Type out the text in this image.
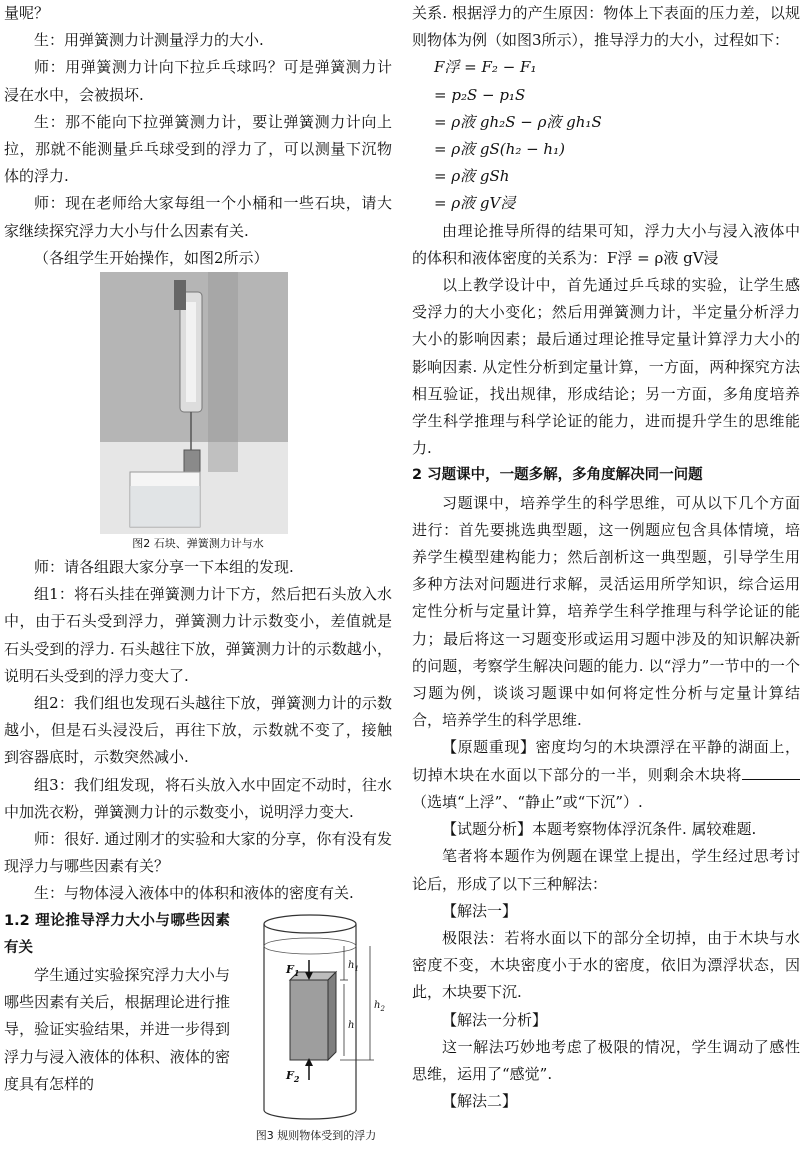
量呢？

生：用弹簧测力计测量浮力的大小.

师：用弹簧测力计向下拉乒乓球吗？可是弹簧测力计浸在水中，会被损坏.

生：那不能向下拉弹簧测力计，要让弹簧测力计向上拉，那就不能测量乒乓球受到的浮力了，可以测量下沉物体的浮力.

师：现在老师给大家每组一个小桶和一些石块，请大家继续探究浮力大小与什么因素有关.

（各组学生开始操作，如图2所示）

图2 石块、弹簧测力计与水

师：请各组跟大家分享一下本组的发现.

组1：将石头挂在弹簧测力计下方，然后把石头放入水中，由于石头受到浮力，弹簧测力计示数变小，差值就是石头受到的浮力. 石头越往下放，弹簧测力计的示数越小，说明石头受到的浮力变大了.

组2：我们组也发现石头越往下放，弹簧测力计的示数越小，但是石头浸没后，再往下放，示数就不变了，接触到容器底时，示数突然减小.

组3：我们组发现，将石头放入水中固定不动时，往水中加洗衣粉，弹簧测力计的示数变小，说明浮力变大.

师：很好. 通过刚才的实验和大家的分享，你有没有发现浮力与哪些因素有关？

生：与物体浸入液体中的体积和液体的密度有关.

1.2 理论推导浮力大小与哪些因素有关

学生通过实验探究浮力大小与哪些因素有关后，根据理论进行推导，验证实验结果，并进一步得到浮力与浸入液体的体积、液体的密度具有怎样的

$F_1$
$F_2$
$h_1$
$h_2$
h
图3 规则物体受到的浮力

关系. 根据浮力的产生原因：物体上下表面的压力差，以规则物体为例（如图3所示），推导浮力的大小，过程如下：

F浮 = F₂ − F₁
= p₂S − p₁S
= ρ液 gh₂S − ρ液 gh₁S
= ρ液 gS(h₂ − h₁)
= ρ液 gSh
= ρ液 gV浸

由理论推导所得的结果可知，浮力大小与浸入液体中的体积和液体密度的关系为：F浮 = ρ液 gV浸

以上教学设计中，首先通过乒乓球的实验，让学生感受浮力的大小变化；然后用弹簧测力计，半定量分析浮力大小的影响因素；最后通过理论推导定量计算浮力大小的影响因素. 从定性分析到定量计算，一方面，两种探究方法相互验证，找出规律，形成结论；另一方面，多角度培养学生科学推理与科学论证的能力，进而提升学生的思维能力.

2 习题课中，一题多解，多角度解决同一问题

习题课中，培养学生的科学思维，可从以下几个方面进行：首先要挑选典型题，这一例题应包含具体情境，培养学生模型建构能力；然后剖析这一典型题，引导学生用多种方法对问题进行求解，灵活运用所学知识，综合运用定性分析与定量计算，培养学生科学推理与科学论证的能力；最后将这一习题变形或运用习题中涉及的知识解决新的问题，考察学生解决问题的能力. 以“浮力”一节中的一个习题为例，谈谈习题课中如何将定性分析与定量计算结合，培养学生的科学思维.

【原题重现】密度均匀的木块漂浮在平静的湖面上，切掉木块在水面以下部分的一半，则剩余木块将（选填“上浮”、“静止”或“下沉”）.

【试题分析】本题考察物体浮沉条件. 属较难题.

笔者将本题作为例题在课堂上提出，学生经过思考讨论后，形成了以下三种解法：

【解法一】

极限法：若将水面以下的部分全切掉，由于木块与水密度不变，木块密度小于水的密度，依旧为漂浮状态，因此，木块要下沉.

【解法一分析】

这一解法巧妙地考虑了极限的情况，学生调动了感性思维，运用了“感觉”.

【解法二】
